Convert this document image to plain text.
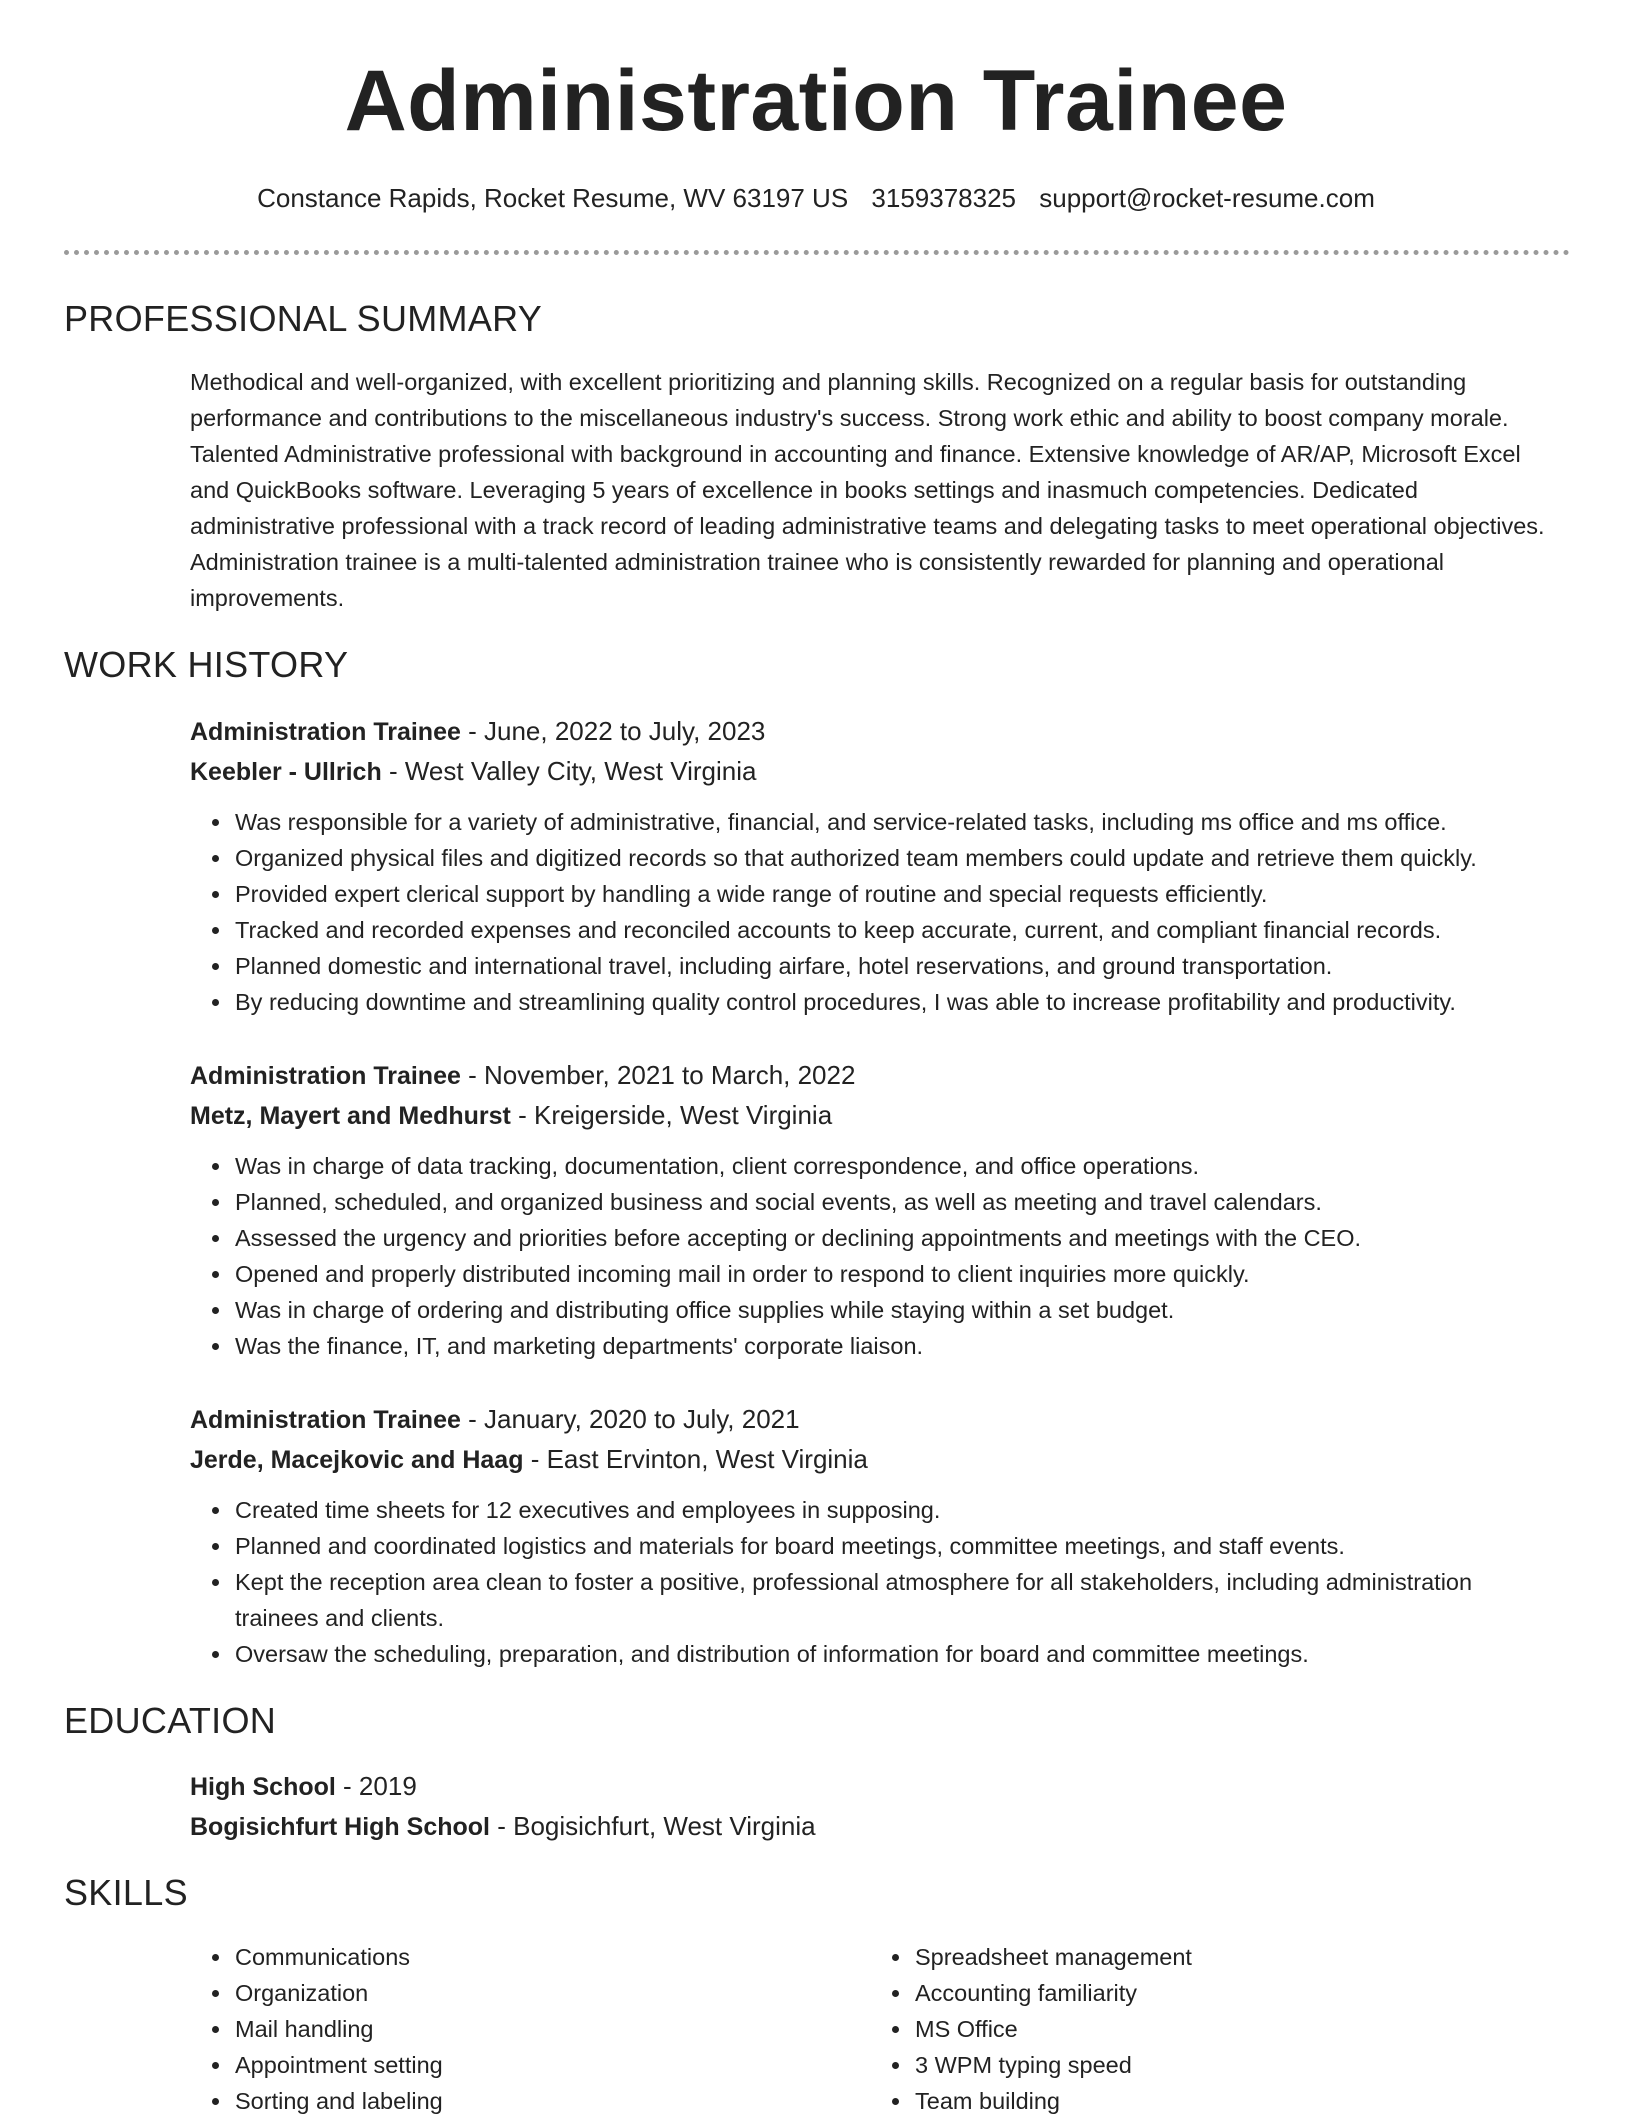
Administration Trainee
Constance Rapids, Rocket Resume, WV 63197 US 3159378325 support@rocket-resume.com
PROFESSIONAL SUMMARY

Methodical and well-organized, with excellent prioritizing and planning skills. Recognized on a regular basis for outstanding performance and contributions to the miscellaneous industry's success. Strong work ethic and ability to boost company morale. Talented Administrative professional with background in accounting and finance. Extensive knowledge of AR/AP, Microsoft Excel and QuickBooks software. Leveraging 5 years of excellence in books settings and inasmuch competencies. Dedicated administrative professional with a track record of leading administrative teams and delegating tasks to meet operational objectives. Administration trainee is a multi-talented administration trainee who is consistently rewarded for planning and operational improvements.

WORK HISTORY

Administration Trainee - June, 2022 to July, 2023

Keebler - Ullrich - West Valley City, West Virginia

• Was responsible for a variety of administrative, financial, and service-related tasks, including ms office and ms office.
• Organized physical files and digitized records so that authorized team members could update and retrieve them quickly.
• Provided expert clerical support by handling a wide range of routine and special requests efficiently.
• Tracked and recorded expenses and reconciled accounts to keep accurate, current, and compliant financial records.
• Planned domestic and international travel, including airfare, hotel reservations, and ground transportation.
• By reducing downtime and streamlining quality control procedures, I was able to increase profitability and productivity.

Administration Trainee - November, 2021 to March, 2022

Metz, Mayert and Medhurst - Kreigerside, West Virginia

• Was in charge of data tracking, documentation, client correspondence, and office operations.
• Planned, scheduled, and organized business and social events, as well as meeting and travel calendars.
• Assessed the urgency and priorities before accepting or declining appointments and meetings with the CEO.
• Opened and properly distributed incoming mail in order to respond to client inquiries more quickly.
• Was in charge of ordering and distributing office supplies while staying within a set budget.
• Was the finance, IT, and marketing departments' corporate liaison.

Administration Trainee - January, 2020 to July, 2021

Jerde, Macejkovic and Haag - East Ervinton, West Virginia

• Created time sheets for 12 executives and employees in supposing.
• Planned and coordinated logistics and materials for board meetings, committee meetings, and staff events.
• Kept the reception area clean to foster a positive, professional atmosphere for all stakeholders, including administration trainees and clients.
• Oversaw the scheduling, preparation, and distribution of information for board and committee meetings.
EDUCATION

High School - 2019

Bogisichfurt High School - Bogisichfurt, West Virginia

SKILLS
• Communications
• Organization
• Mail handling
• Appointment setting
• Sorting and labeling
• Spreadsheet management
• Accounting familiarity
• MS Office
• 3 WPM typing speed
• Team building
